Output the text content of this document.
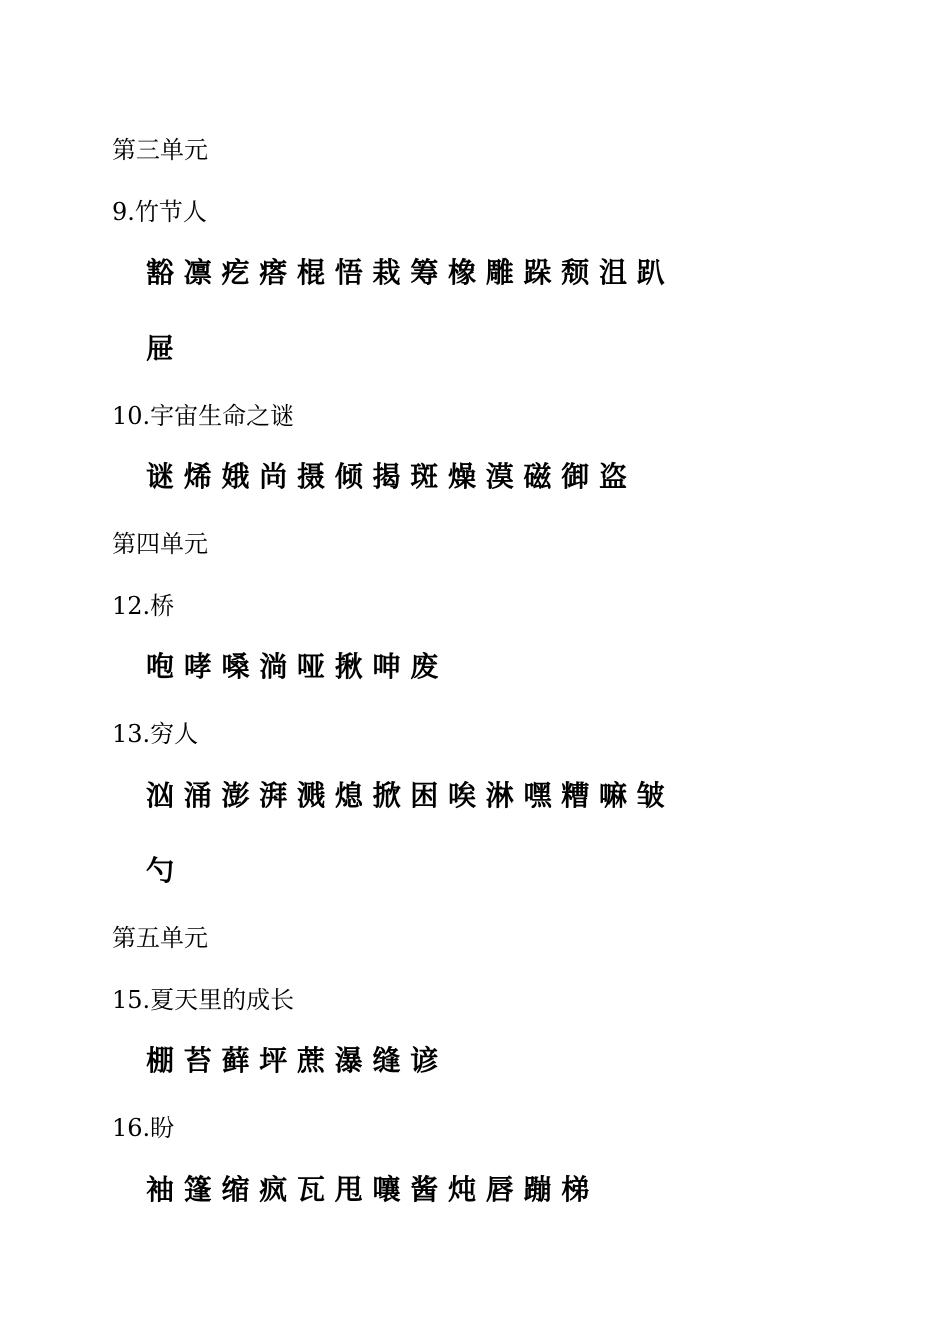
第三单元
9.竹节人
豁 凛 疙 瘩 棍 悟 栽 筹 橡 雕 跺 颓 沮 趴
屉
10.宇宙生命之谜
谜 烯 娥 尚 摄 倾 揭 斑 燥 漠 磁 御 盗
第四单元
12.桥
咆 哮 嗓 淌 哑 揪 呻 废
13.穷人
汹 涌 澎 湃 溅 熄 掀 困 唉 淋 嘿 糟 嘛 皱
勺
第五单元
15.夏天里的成长
棚 苔 藓 坪 蔗 瀑 缝 谚
16.盼
袖 篷 缩 疯 瓦 甩 嚷 酱 炖 唇 蹦 梯
